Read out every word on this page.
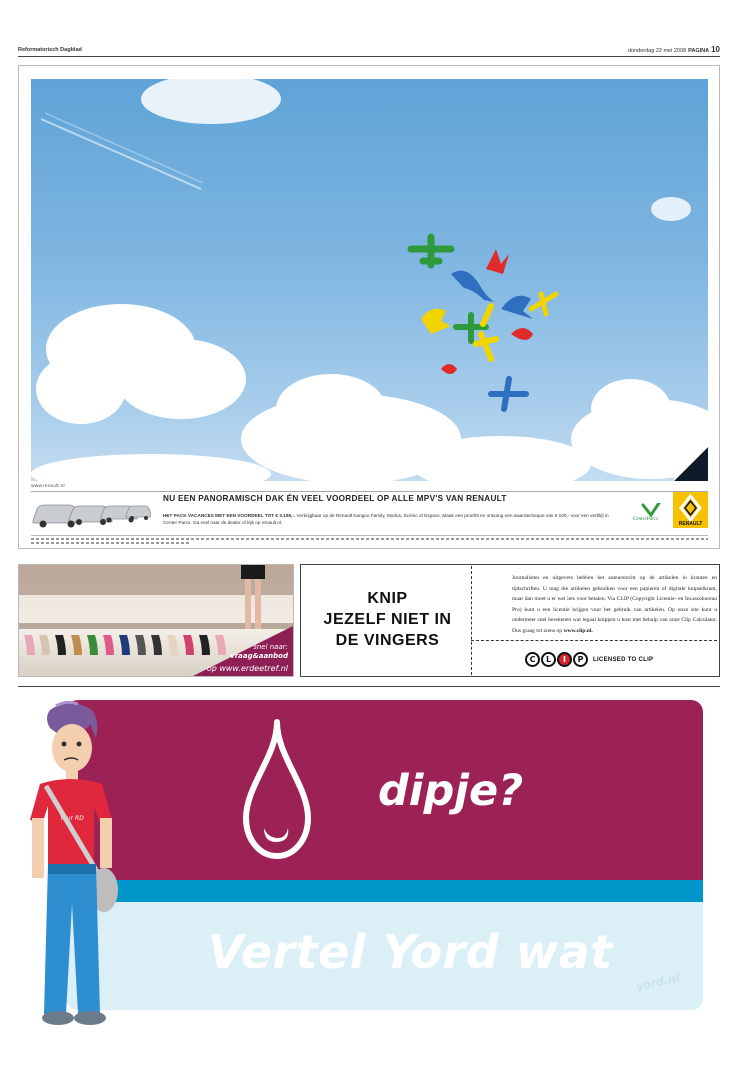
Reformatorisch Dagblad	donderdag 22 mei 2008 PAGINA 10
www.renault.nl
NU EEN PANORAMISCH DAK ÉN VEEL VOORDEEL OP ALLE MPV'S VAN RENAULT
HET PACK VACANCES MET EEN VOORDEEL TOT € 3.195,-. Verkrijgbaar op de Renault Kangoo Family, Modus, Scénic of Espace. Maak een proefrit en ontvang een waardecheque van € 100,- voor een verblijf in Center Parcs. Ga snel naar de dealer of kijk op renault.nl.
CenterParcs
RENAULT
snel naar:
vraag&aanbod
op www.erdeetref.nl
KNIP
JEZELF NIET IN
DE VINGERS
Journalisten en uitgevers hebben het auteursrecht op de artikelen in kranten en tijdschriften. U mag die artikelen gebruiken voor een papieren of digitale knipselkrant, maar dan moet u er wel iets voor betalen. Via CLIP (Copyright Licentie- en Incassobureau Pro) kunt u een licentie krijgen voor het gebruik van artikelen. Op onze site kunt u ondermeer snel berekenen wat legaal knippen u kost met behulp van onze Clip Calculator. Dus graag tot ziens op www.clip.nl.
C	L	I	P	LICENSED TO CLIP
dipje?
Vertel Yord wat
yord.nl
Your RD
